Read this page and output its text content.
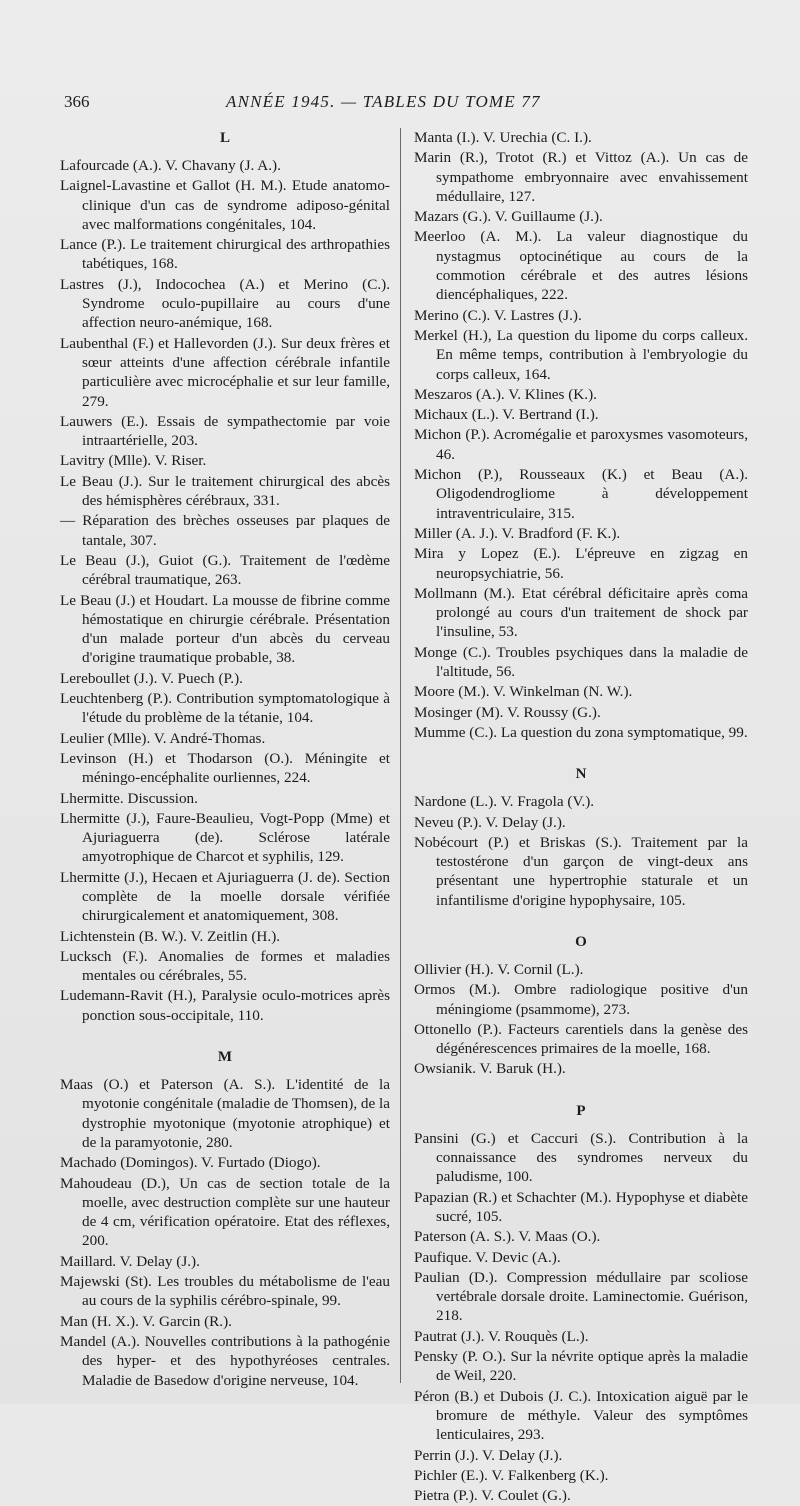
366	ANNÉE 1945. — TABLES DU TOME 77
L
Lafourcade (A.). V. Chavany (J. A.).
Laignel-Lavastine et Gallot (H. M.). Etude anatomo-clinique d'un cas de syndrome adiposo-génital avec malformations congénitales, 104.
Lance (P.). Le traitement chirurgical des arthropathies tabétiques, 168.
Lastres (J.), Indocochea (A.) et Merino (C.). Syndrome oculo-pupillaire au cours d'une affection neuro-anémique, 168.
Laubenthal (F.) et Hallevorden (J.). Sur deux frères et sœur atteints d'une affection cérébrale infantile particulière avec microcéphalie et sur leur famille, 279.
Lauwers (E.). Essais de sympathectomie par voie intraartérielle, 203.
Lavitry (Mlle). V. Riser.
Le Beau (J.). Sur le traitement chirurgical des abcès des hémisphères cérébraux, 331.
— Réparation des brèches osseuses par plaques de tantale, 307.
Le Beau (J.), Guiot (G.). Traitement de l'œdème cérébral traumatique, 263.
Le Beau (J.) et Houdart. La mousse de fibrine comme hémostatique en chirurgie cérébrale. Présentation d'un malade porteur d'un abcès du cerveau d'origine traumatique probable, 38.
Lereboullet (J.). V. Puech (P.).
Leuchtenberg (P.). Contribution symptomatologique à l'étude du problème de la tétanie, 104.
Leulier (Mlle). V. André-Thomas.
Levinson (H.) et Thodarson (O.). Méningite et méningo-encéphalite ourliennes, 224.
Lhermitte. Discussion.
Lhermitte (J.), Faure-Beaulieu, Vogt-Popp (Mme) et Ajuriaguerra (de). Sclérose latérale amyotrophique de Charcot et syphilis, 129.
Lhermitte (J.), Hecaen et Ajuriaguerra (J. de). Section complète de la moelle dorsale vérifiée chirurgicalement et anatomiquement, 308.
Lichtenstein (B. W.). V. Zeitlin (H.).
Lucksch (F.). Anomalies de formes et maladies mentales ou cérébrales, 55.
Ludemann-Ravit (H.), Paralysie oculo-motrices après ponction sous-occipitale, 110.
M
Maas (O.) et Paterson (A. S.). L'identité de la myotonie congénitale (maladie de Thomsen), de la dystrophie myotonique (myotonie atrophique) et de la paramyotonie, 280.
Machado (Domingos). V. Furtado (Diogo).
Mahoudeau (D.), Un cas de section totale de la moelle, avec destruction complète sur une hauteur de 4 cm, vérification opératoire. Etat des réflexes, 200.
Maillard. V. Delay (J.).
Majewski (St). Les troubles du métabolisme de l'eau au cours de la syphilis cérébro-spinale, 99.
Man (H. X.). V. Garcin (R.).
Mandel (A.). Nouvelles contributions à la pathogénie des hyper- et des hypothyréoses centrales. Maladie de Basedow d'origine nerveuse, 104.
Manta (I.). V. Urechia (C. I.).
Marin (R.), Trotot (R.) et Vittoz (A.). Un cas de sympathome embryonnaire avec envahissement médullaire, 127.
Mazars (G.). V. Guillaume (J.).
Meerloo (A. M.). La valeur diagnostique du nystagmus optocinétique au cours de la commotion cérébrale et des autres lésions diencéphaliques, 222.
Merino (C.). V. Lastres (J.).
Merkel (H.), La question du lipome du corps calleux. En même temps, contribution à l'embryologie du corps calleux, 164.
Meszaros (A.). V. Klines (K.).
Michaux (L.). V. Bertrand (I.).
Michon (P.). Acromégalie et paroxysmes vasomoteurs, 46.
Michon (P.), Rousseaux (K.) et Beau (A.). Oligodendrogliome à développement intraventriculaire, 315.
Miller (A. J.). V. Bradford (F. K.).
Mira y Lopez (E.). L'épreuve en zigzag en neuropsychiatrie, 56.
Mollmann (M.). Etat cérébral déficitaire après coma prolongé au cours d'un traitement de shock par l'insuline, 53.
Monge (C.). Troubles psychiques dans la maladie de l'altitude, 56.
Moore (M.). V. Winkelman (N. W.).
Mosinger (M). V. Roussy (G.).
Mumme (C.). La question du zona symptomatique, 99.
N
Nardone (L.). V. Fragola (V.).
Neveu (P.). V. Delay (J.).
Nobécourt (P.) et Briskas (S.). Traitement par la testostérone d'un garçon de vingt-deux ans présentant une hypertrophie staturale et un infantilisme d'origine hypophysaire, 105.
O
Ollivier (H.). V. Cornil (L.).
Ormos (M.). Ombre radiologique positive d'un méningiome (psammome), 273.
Ottonello (P.). Facteurs carentiels dans la genèse des dégénérescences primaires de la moelle, 168.
Owsianik. V. Baruk (H.).
P
Pansini (G.) et Caccuri (S.). Contribution à la connaissance des syndromes nerveux du paludisme, 100.
Papazian (R.) et Schachter (M.). Hypophyse et diabète sucré, 105.
Paterson (A. S.). V. Maas (O.).
Paufique. V. Devic (A.).
Paulian (D.). Compression médullaire par scoliose vertébrale dorsale droite. Laminectomie. Guérison, 218.
Pautrat (J.). V. Rouquès (L.).
Pensky (P. O.). Sur la névrite optique après la maladie de Weil, 220.
Péron (B.) et Dubois (J. C.). Intoxication aiguë par le bromure de méthyle. Valeur des symptômes lenticulaires, 293.
Perrin (J.). V. Delay (J.).
Pichler (E.). V. Falkenberg (K.).
Pietra (P.). V. Coulet (G.).
